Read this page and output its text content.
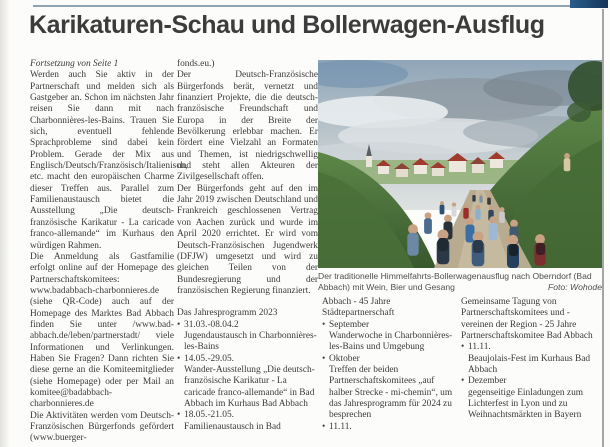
Karikaturen-Schau und Bollerwagen-Ausflug

Fortsetzung von Seite 1

Werden auch Sie aktiv in der Partnerschaft und melden sich als Gastgeber an. Schon im nächsten Jahr reisen Sie dann mit nach Charbonnières-les-Bains. Trauen Sie sich, eventuell fehlende Sprachprobleme sind dabei kein Problem. Gerade der Mix aus Englisch/Deutsch/Französisch/Italienisch, etc. macht den europäischen Charme dieser Treffen aus. Parallel zum Familienaustausch bietet die Ausstellung „Die deutsch-französische Karikatur - La caricade franco-allemande“ im Kurhaus den würdigen Rahmen.

Die Anmeldung als Gastfamilie erfolgt online auf der Homepage des Partnerschaftskomitees: www.badabbach-charbonnieres.de (siehe QR-Code) auch auf der Homepage des Marktes Bad Abbach finden Sie unter /www.bad-abbach.de/leben/partnerstadt/ viele Informationen und Verlinkungen. Haben Sie Fragen? Dann richten Sie diese gerne an die Komiteemitglieder (siehe Homepage) oder per Mail an komitee@badabbach-charbonnieres.de

Die Aktivitäten werden vom Deutsch-Französischen Bürgerfonds gefördert (www.buerger-

fonds.eu.)

Der Deutsch-Französische Bürgerfonds berät, vernetzt und finanziert Projekte, die die deutsch-französische Freundschaft und Europa in der Breite der Bevölkerung erlebbar machen. Er fördert eine Vielzahl an Formaten und Themen, ist niedrigschwellig und steht allen Akteuren der Zivilgesellschaft offen.

Der Bürgerfonds geht auf den im Jahr 2019 zwischen Deutschland und Frankreich geschlossenen Vertrag von Aachen zurück und wurde im April 2020 errichtet. Er wird vom Deutsch-Französischen Jugendwerk (DFJW) umgesetzt und wird zu gleichen Teilen von der Bundesregierung und der französischen Regierung finanziert.

Das Jahresprogramm 2023

• 31.03.-08.04.2
Jugendaustausch in Charbonnières-les-Bains
• 14.05.-29.05.
Wander-Ausstellung „Die deutsch-französische Karikatur - La caricade franco-allemande“ in Bad Abbach im Kurhaus Bad Abbach
• 18.05.-21.05.
Familienaustausch in Bad
Der traditionelle Himmelfahrts-Bollerwagenausflug nach Oberndorf (Bad Abbach) mit Wein, Bier und Gesang	Foto: Wohode

Abbach - 45 Jahre Städtepartnerschaft

• September
Wanderwoche in Charbonnières-les-Bains und Umgebung
• Oktober
Treffen der beiden Partnerschaftskomitees „auf halber Strecke - mi-chemin“, um das Jahresprogramm für 2024 zu besprechen
• 11.11.

Gemeinsame Tagung von Partnerschaftskomitees und -vereinen der Region - 25 Jahre Partnerschaftskomitee Bad Abbach

• 11.11.
Beaujolais-Fest im Kurhaus Bad Abbach
• Dezember
gegenseitige Einladungen zum Lichterfest in Lyon und zu Weihnachtsmärkten in Bayern
